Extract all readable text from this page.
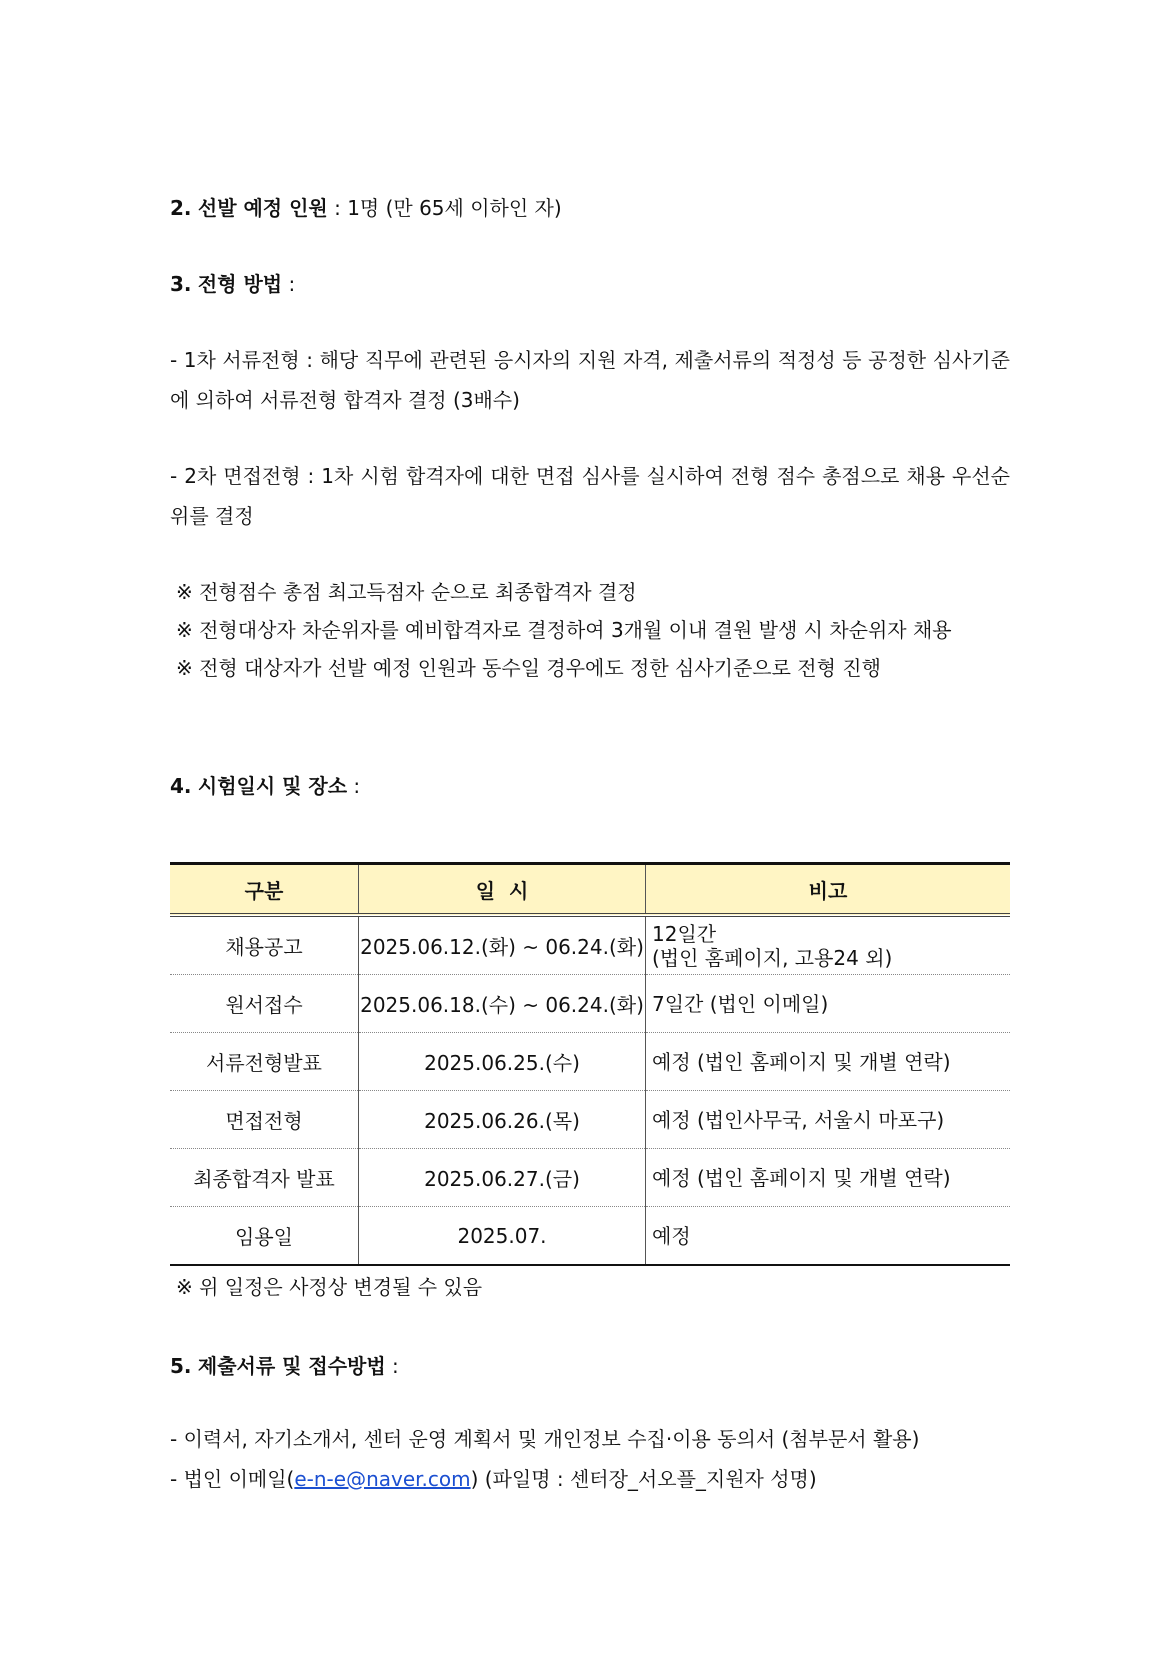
2. 선발 예정 인원 : 1명 (만 65세 이하인 자)
3. 전형 방법 :
- 1차 서류전형 : 해당 직무에 관련된 응시자의 지원 자격, 제출서류의 적정성 등 공정한 심사기준에 의하여 서류전형 합격자 결정 (3배수)
- 2차 면접전형 : 1차 시험 합격자에 대한 면접 심사를 실시하여 전형 점수 총점으로 채용 우선순위를 결정
※ 전형점수 총점 최고득점자 순으로 최종합격자 결정
※ 전형대상자 차순위자를 예비합격자로 결정하여 3개월 이내 결원 발생 시 차순위자 채용
※ 전형 대상자가 선발 예정 인원과 동수일 경우에도 정한 심사기준으로 전형 진행
4. 시험일시 및 장소 :
구분	일  시	비고
채용공고	2025.06.12.(화) ~ 06.24.(화)	12일간
(법인 홈페이지, 고용24 외)

원서접수	2025.06.18.(수) ~ 06.24.(화)	7일간 (법인 이메일)
서류전형발표	2025.06.25.(수)	예정 (법인 홈페이지 및 개별 연락)
면접전형	2025.06.26.(목)	예정 (법인사무국, 서울시 마포구)
최종합격자 발표	2025.06.27.(금)	예정 (법인 홈페이지 및 개별 연락)
임용일	2025.07.	예정
※ 위 일정은 사정상 변경될 수 있음
5. 제출서류 및 접수방법 :
- 이력서, 자기소개서, 센터 운영 계획서 및 개인정보 수집·이용 동의서 (첨부문서 활용)
- 법인 이메일(e-n-e@naver.com) (파일명 : 센터장_서오플_지원자 성명)
